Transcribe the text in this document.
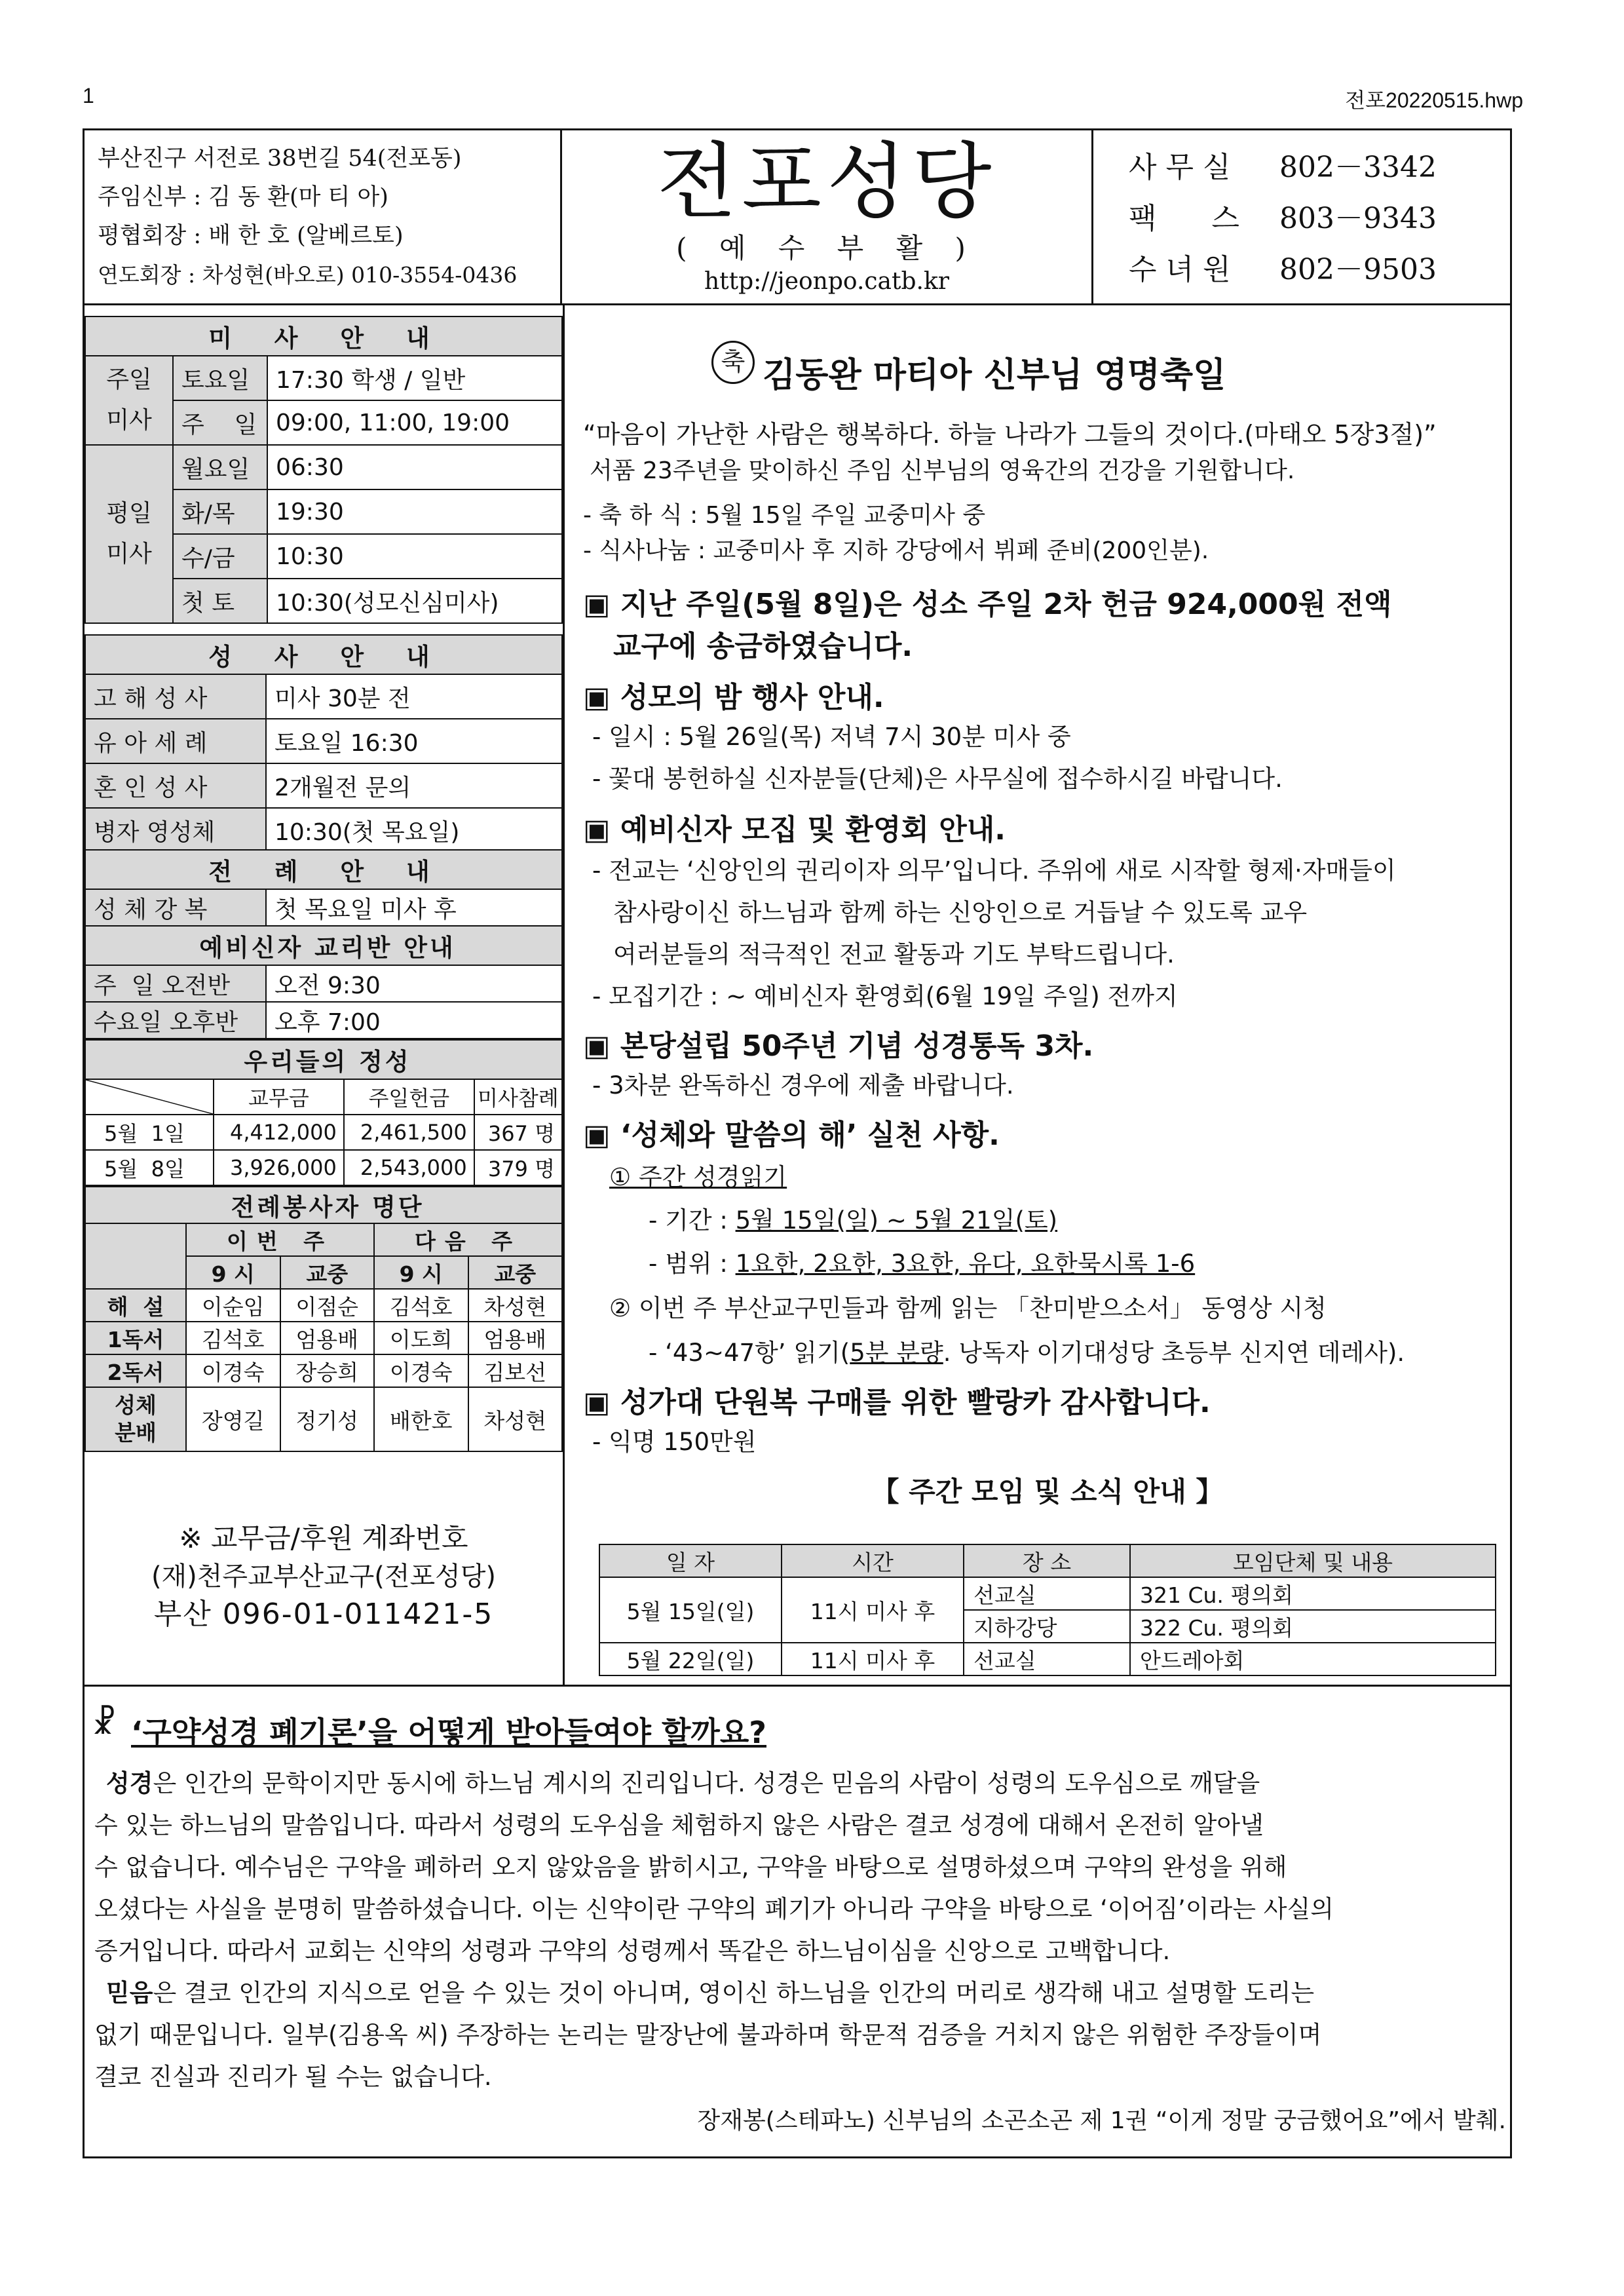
1	전포20220515.hwp
부산진구 서전로 38번길 54(전포동)
주임신부 : 김 동 환(마 티 아)
평협회장 : 배 한 호 (알베르토)
연도회장 : 차성현(바오로) 010-3554-0436
전포성당
( 예 수 부 활 )
http://jeonpo.catb.kr
사 무 실 802－3342
팩      스 803－9343
수 녀 원 802－9503
미 사 안 내		
주일
미사	토요일	17:30 학생 / 일반
	주    일	09:00, 11:00, 19:00
평일
미사	월요일	06:30
	화/목	19:30
	수/금	10:30
	첫 토	10:30(성모신심미사)
성 사 안 내	
고 해 성 사	미사 30분 전
유 아 세 례	토요일 16:30
혼 인 성 사	2개월전 문의
병자 영성체	10:30(첫 목요일)
전 례 안 내
성 체 강 복	첫 목요일 미사 후
예비신자 교리반 안내	
주  일 오전반	오전 9:30
수요일 오후반	오후 7:00
우리들의 정성			

	교무금	주일헌금	미사참례
5월  1일	4,412,000	2,461,500	367 명
5월  8일	3,926,000	2,543,000	379 명
전례봉사자 명단				
	이번 주		다음 주	
	9 시	교중	9 시	교중
해  설	이순임	이점순	김석호	차성현
1독서	김석호	엄용배	이도희	엄용배
2독서	이경숙	장승희	이경숙	김보선
성체
분배	장영길	정기성	배한호	차성현
※ 교무금/후원 계좌번호
(재)천주교부산교구(전포성당)
부산 096-01-011421-5
축 김동완 마티아 신부님 영명축일
“마음이 가난한 사람은 행복하다. 하늘 나라가 그들의 것이다.(마태오 5장3절)”
서품 23주년을 맞이하신 주임 신부님의 영육간의 건강을 기원합니다.
- 축 하 식 : 5월 15일 주일 교중미사 중
- 식사나눔 : 교중미사 후 지하 강당에서 뷔페 준비(200인분).
▣ 지난 주일(5월 8일)은 성소 주일 2차 헌금 924,000원 전액
교구에 송금하였습니다.
▣ 성모의 밤 행사 안내.
- 일시 : 5월 26일(목) 저녁 7시 30분 미사 중
- 꽃대 봉헌하실 신자분들(단체)은 사무실에 접수하시길 바랍니다.
▣ 예비신자 모집 및 환영회 안내.
- 전교는 ‘신앙인의 권리이자 의무’입니다. 주위에 새로 시작할 형제·자매들이
참사랑이신 하느님과 함께 하는 신앙인으로 거듭날 수 있도록 교우
여러분들의 적극적인 전교 활동과 기도 부탁드립니다.
- 모집기간 : ~ 예비신자 환영회(6월 19일 주일) 전까지
▣ 본당설립 50주년 기념 성경통독 3차.
- 3차분 완독하신 경우에 제출 바랍니다.
▣ ‘성체와 말씀의 해’ 실천 사항.
① 주간 성경읽기
- 기간 : 5월 15일(일) ~ 5월 21일(토)
- 범위 : 1요한, 2요한, 3요한, 유다, 요한묵시록 1-6
② 이번 주 부산교구민들과 함께 읽는 「찬미받으소서」 동영상 시청
- ‘43~47항’ 읽기(5분 분량. 낭독자 이기대성당 초등부 신지연 데레사).
▣ 성가대 단원복 구매를 위한 빨랑카 감사합니다.
- 익명 150만원
【 주간 모임 및 소식 안내 】
일 자	시간	장 소	모임단체 및 내용
5월 15일(일)	11시 미사 후	선교실	321 Cu. 평의회
		지하강당	322 Cu. 평의회
5월 22일(일)	11시 미사 후	선교실	안드레아회
☧ ‘구약성경 폐기론’을 어떻게 받아들여야 할까요?
성경은 인간의 문학이지만 동시에 하느님 계시의 진리입니다. 성경은 믿음의 사람이 성령의 도우심으로 깨달을
수 있는 하느님의 말씀입니다. 따라서 성령의 도우심을 체험하지 않은 사람은 결코 성경에 대해서 온전히 알아낼
수 없습니다. 예수님은 구약을 폐하러 오지 않았음을 밝히시고, 구약을 바탕으로 설명하셨으며 구약의 완성을 위해
오셨다는 사실을 분명히 말씀하셨습니다. 이는 신약이란 구약의 폐기가 아니라 구약을 바탕으로 ‘이어짐’이라는 사실의
증거입니다. 따라서 교회는 신약의 성령과 구약의 성령께서 똑같은 하느님이심을 신앙으로 고백합니다.
믿음은 결코 인간의 지식으로 얻을 수 있는 것이 아니며, 영이신 하느님을 인간의 머리로 생각해 내고 설명할 도리는
없기 때문입니다. 일부(김용옥 씨) 주장하는 논리는 말장난에 불과하며 학문적 검증을 거치지 않은 위험한 주장들이며
결코 진실과 진리가 될 수는 없습니다.
장재봉(스테파노) 신부님의 소곤소곤 제 1권 “이게 정말 궁금했어요”에서 발췌.
